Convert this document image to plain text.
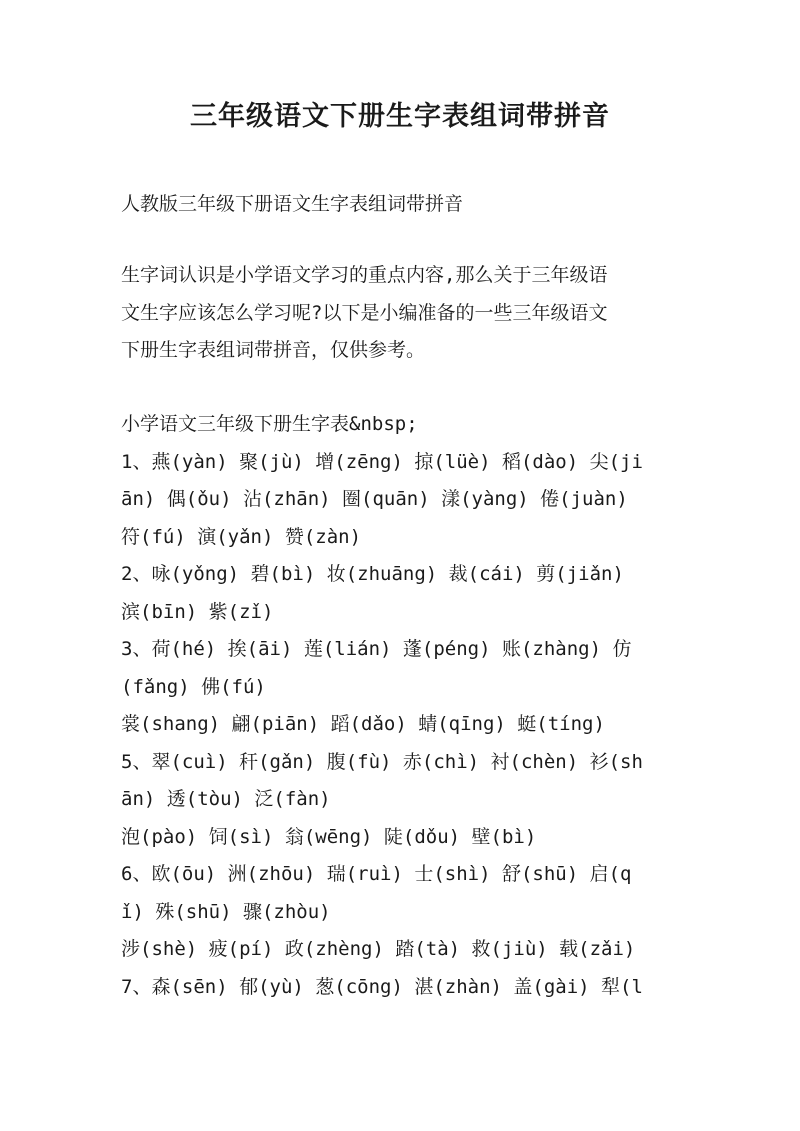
三年级语文下册生字表组词带拼音
人教版三年级下册语文生字表组词带拼音
生字词认识是小学语文学习的重点内容,那么关于三年级语
文生字应该怎么学习呢?以下是小编准备的一些三年级语文
下册生字表组词带拼音，仅供参考。
小学语文三年级下册生字表&nbsp;
1、燕(yàn) 聚(jù) 增(zēng) 掠(lüè) 稻(dào) 尖(ji
ān) 偶(ǒu) 沾(zhān) 圈(quān) 漾(yàng) 倦(juàn)
符(fú) 演(yǎn) 赞(zàn)
2、咏(yǒng) 碧(bì) 妆(zhuāng) 裁(cái) 剪(jiǎn)
滨(bīn) 紫(zǐ)
3、荷(hé) 挨(āi) 莲(lián) 蓬(péng) 账(zhàng) 仿
(fǎng) 佛(fú)
裳(shang) 翩(piān) 蹈(dǎo) 蜻(qīng) 蜓(tíng)
5、翠(cuì) 秆(gǎn) 腹(fù) 赤(chì) 衬(chèn) 衫(sh
ān) 透(tòu) 泛(fàn)
泡(pào) 饲(sì) 翁(wēng) 陡(dǒu) 壁(bì)
6、欧(ōu) 洲(zhōu) 瑞(ruì) 士(shì) 舒(shū) 启(q
ǐ) 殊(shū) 骤(zhòu)
涉(shè) 疲(pí) 政(zhèng) 踏(tà) 救(jiù) 载(zǎi)
7、森(sēn) 郁(yù) 葱(cōng) 湛(zhàn) 盖(gài) 犁(l
